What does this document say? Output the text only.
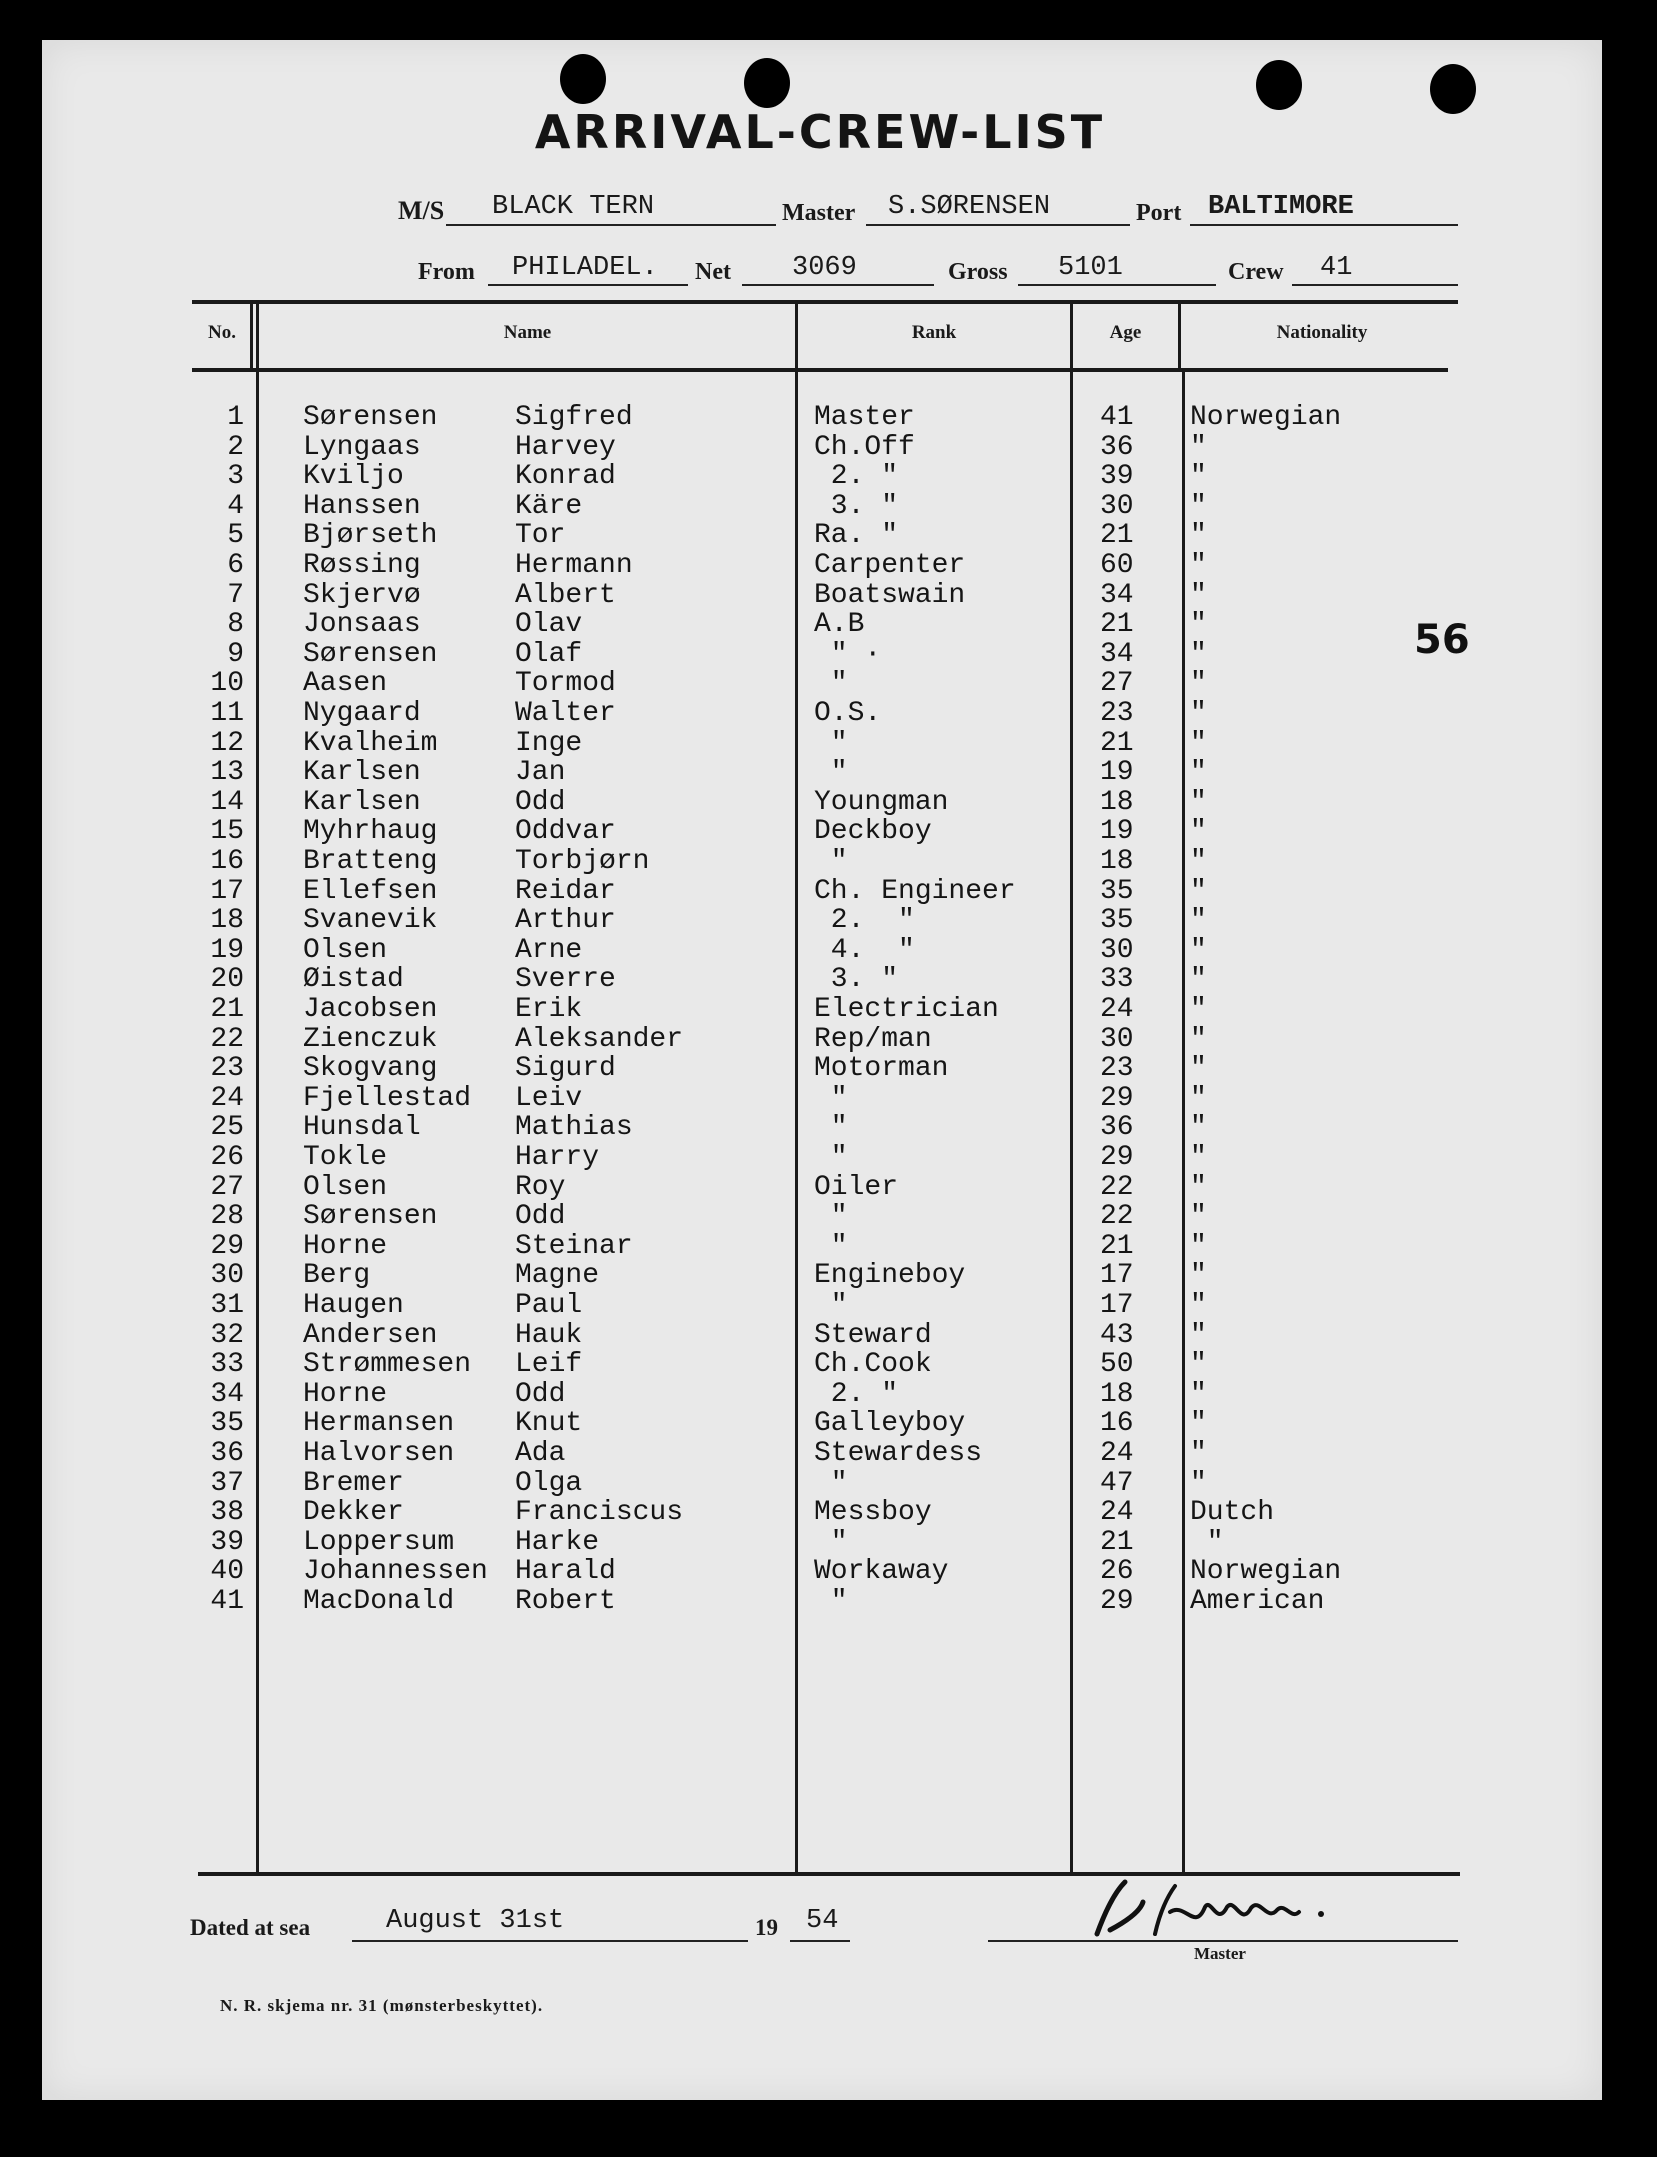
ARRIVAL-CREW-LIST
M/S BLACK TERN	Master S.SØRENSEN	Port BALTIMORE
From PHILADEL. Net 3069	Gross 5101	Crew 41
No.	Name	Rank	Age	Nationality
1 Sørensen	Sigfred	Master	41 Norwegian
2 Lyngaas	Harvey	Ch.Off	36 "
3 Kviljo	Konrad	2. "	39 "
4 Hanssen	Käre	3. "	30 "
5 Bjørseth	Tor	Ra. "	21 "
6 Røssing	Hermann	Carpenter	60 "
7 Skjervø	Albert	Boatswain	34 "
8 Jonsaas	Olav	A.B	21 "
9 Sørensen	Olaf	" ·	34 "
10 Aasen	Tormod	"	27 "
11 Nygaard	Walter	O.S.	23 "
12 Kvalheim	Inge	"	21 "
13 Karlsen	Jan	"	19 "
14 Karlsen	Odd	Youngman	18 "
15 Myhrhaug	Oddvar	Deckboy	19 "
16 Bratteng	Torbjørn	"	18 "
17 Ellefsen	Reidar	Ch. Engineer	35 "
18 Svanevik	Arthur	2.  "	35 "
19 Olsen	Arne	4.  "	30 "
20 Øistad	Sverre	3. "	33 "
21 Jacobsen	Erik	Electrician	24 "
22 Zienczuk	Aleksander	Rep/man	30 "
23 Skogvang	Sigurd	Motorman	23 "
24 Fjellestad Leiv	"	29 "
25 Hunsdal	Mathias	"	36 "
26 Tokle	Harry	"	29 "
27 Olsen	Roy	Oiler	22 "
28 Sørensen	Odd	"	22 "
29 Horne	Steinar	"	21 "
30 Berg	Magne	Engineboy	17 "
31 Haugen	Paul	"	17 "
32 Andersen	Hauk	Steward	43 "
33 Strømmesen Leif	Ch.Cook	50 "
34 Horne	Odd	2. "	18 "
35 Hermansen Knut	Galleyboy	16 "
36 Halvorsen Ada	Stewardess	24 "
37 Bremer	Olga	"	47 "
38 Dekker	Franciscus	Messboy	24 Dutch
39 Loppersum Harke	"	21 "
40 Johannessen Harald	Workaway	26 Norwegian
41 MacDonald Robert	"	29 American
56
Dated at sea	August 31st	19 54
Master
N. R. skjema nr. 31 (mønsterbeskyttet).
